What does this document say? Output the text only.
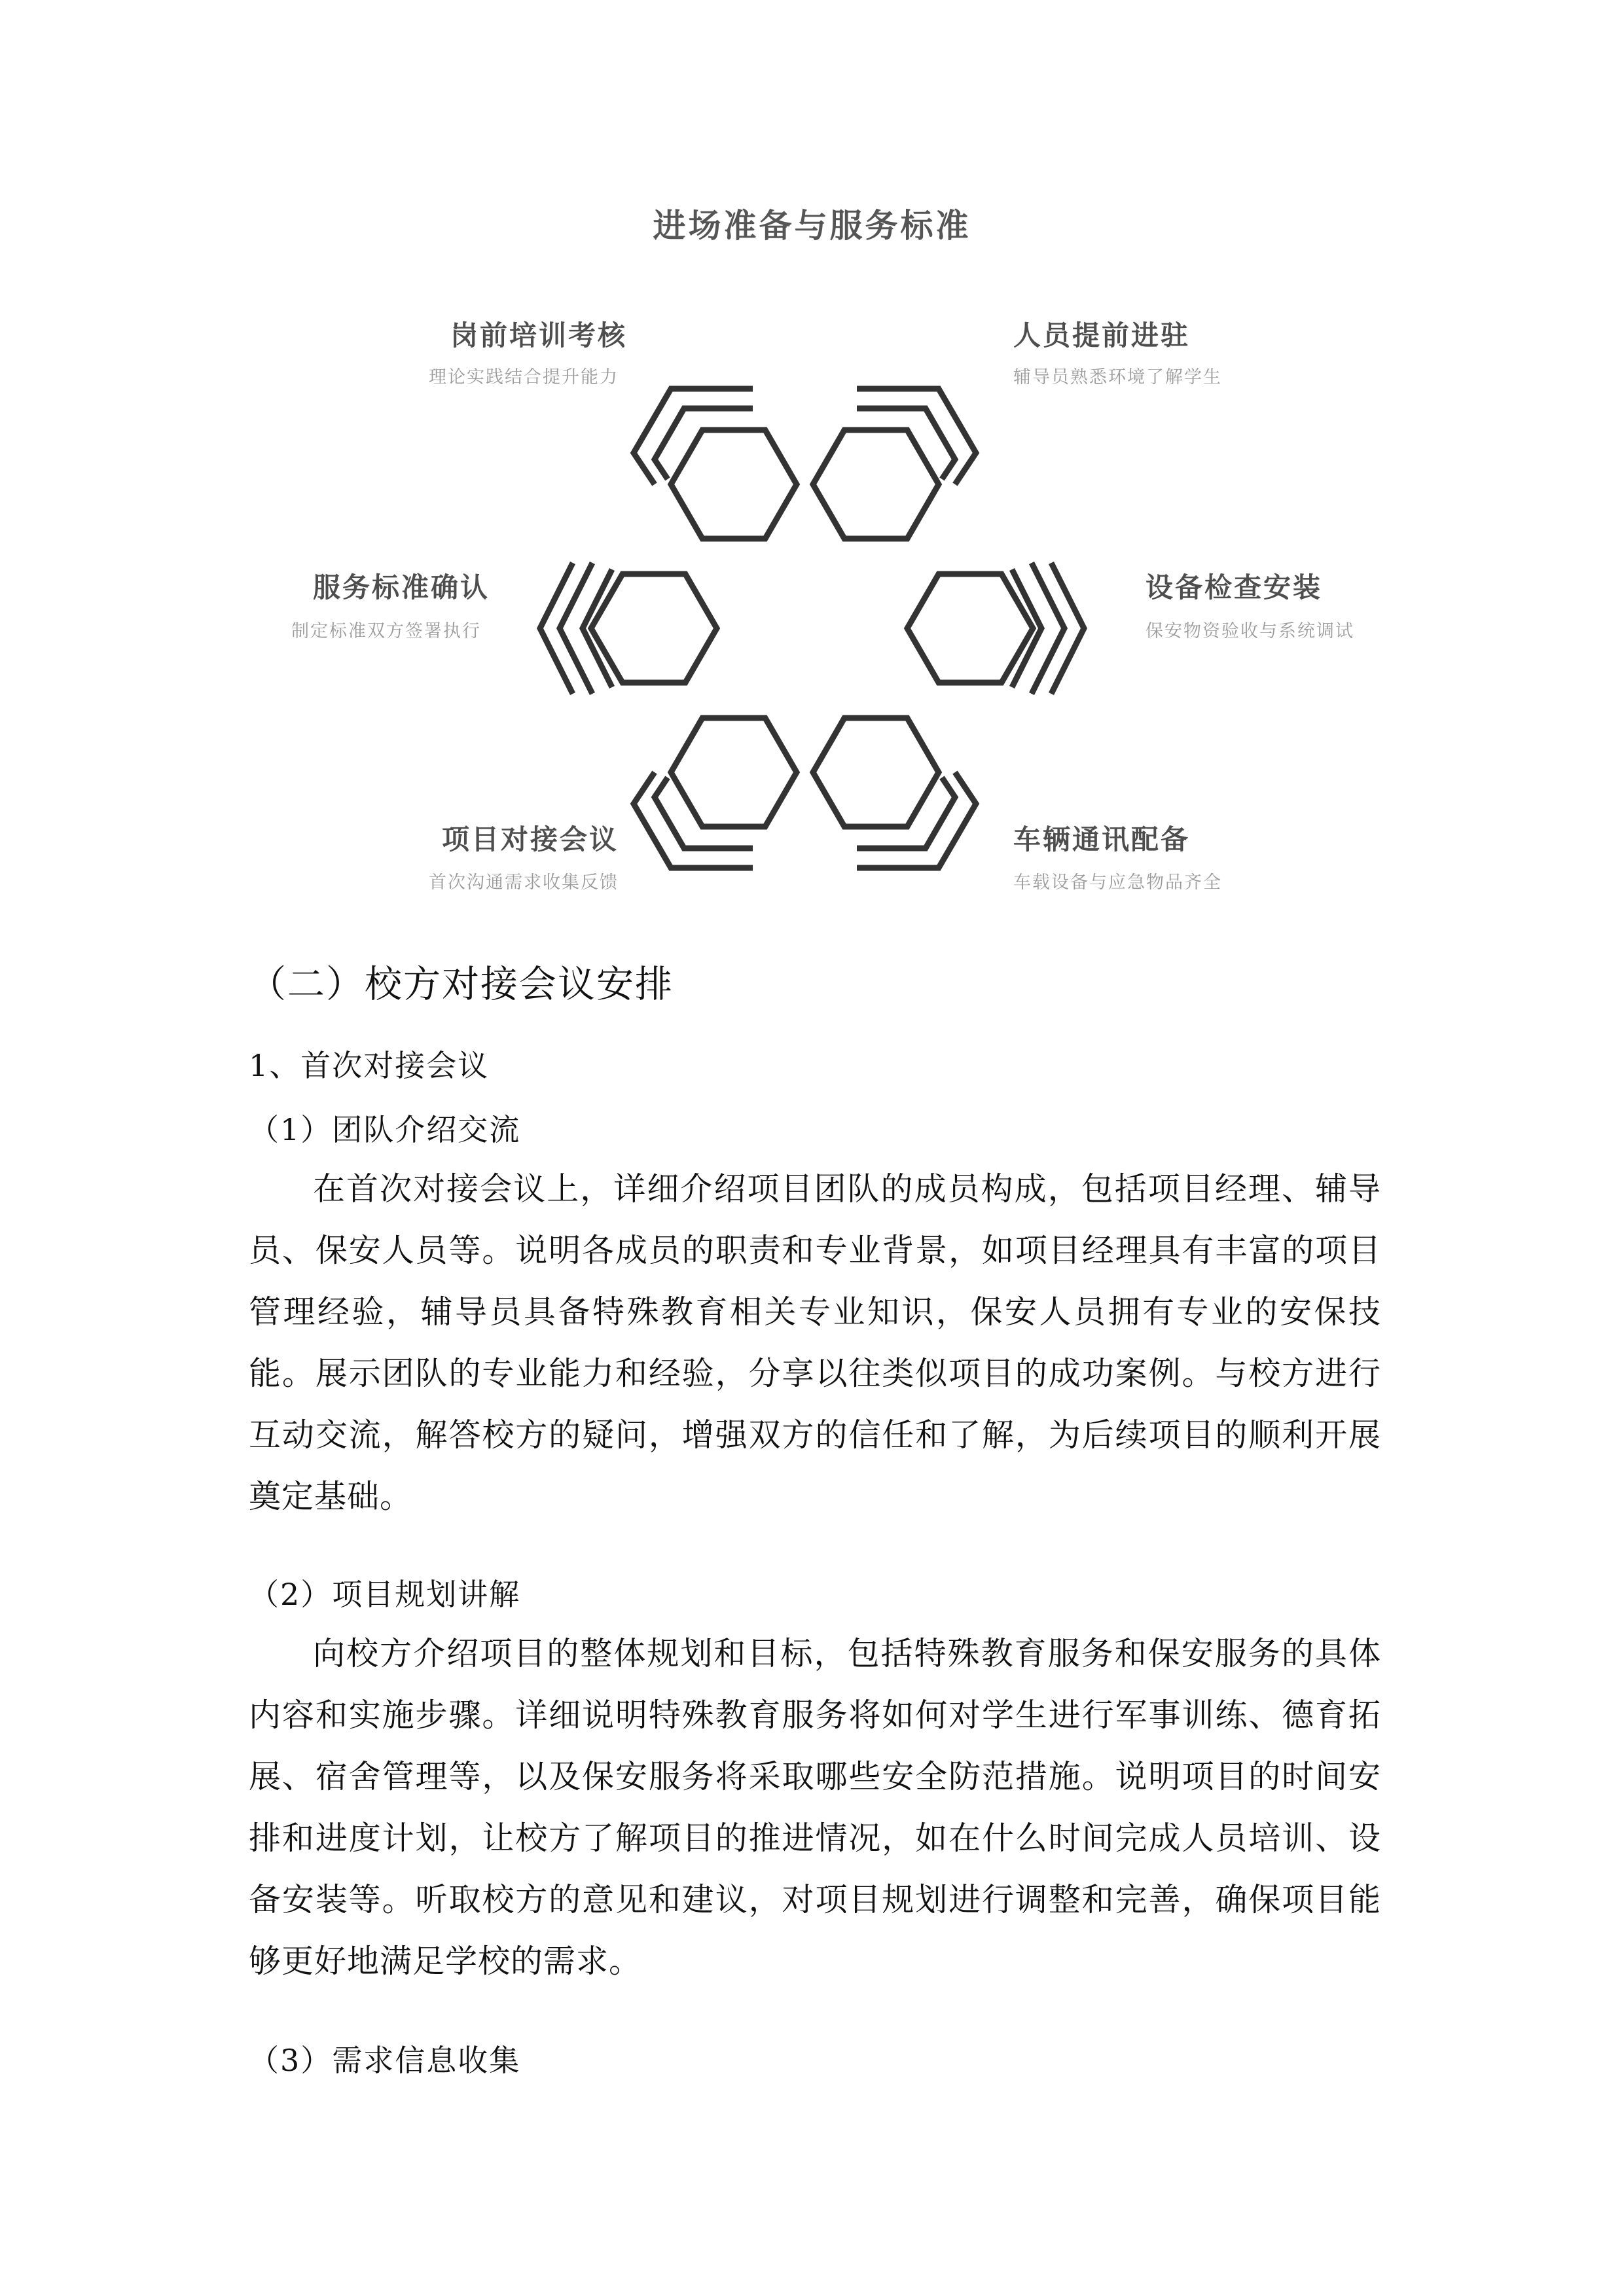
进场准备与服务标准
岗前培训考核
理论实践结合提升能力
人员提前进驻
辅导员熟悉环境了解学生
服务标准确认
制定标准双方签署执行
设备检查安装
保安物资验收与系统调试
项目对接会议
首次沟通需求收集反馈
车辆通讯配备
车载设备与应急物品齐全
（二）校方对接会议安排
1、首次对接会议
（1）团队介绍交流

在首次对接会议上，详细介绍项目团队的成员构成，包括项目经理、辅导员、保安人员等。说明各成员的职责和专业背景，如项目经理具有丰富的项目管理经验，辅导员具备特殊教育相关专业知识，保安人员拥有专业的安保技能。展示团队的专业能力和经验，分享以往类似项目的成功案例。与校方进行互动交流，解答校方的疑问，增强双方的信任和了解，为后续项目的顺利开展奠定基础。

（2）项目规划讲解

向校方介绍项目的整体规划和目标，包括特殊教育服务和保安服务的具体内容和实施步骤。详细说明特殊教育服务将如何对学生进行军事训练、德育拓展、宿舍管理等，以及保安服务将采取哪些安全防范措施。说明项目的时间安排和进度计划，让校方了解项目的推进情况，如在什么时间完成人员培训、设备安装等。听取校方的意见和建议，对项目规划进行调整和完善，确保项目能够更好地满足学校的需求。

（3）需求信息收集
